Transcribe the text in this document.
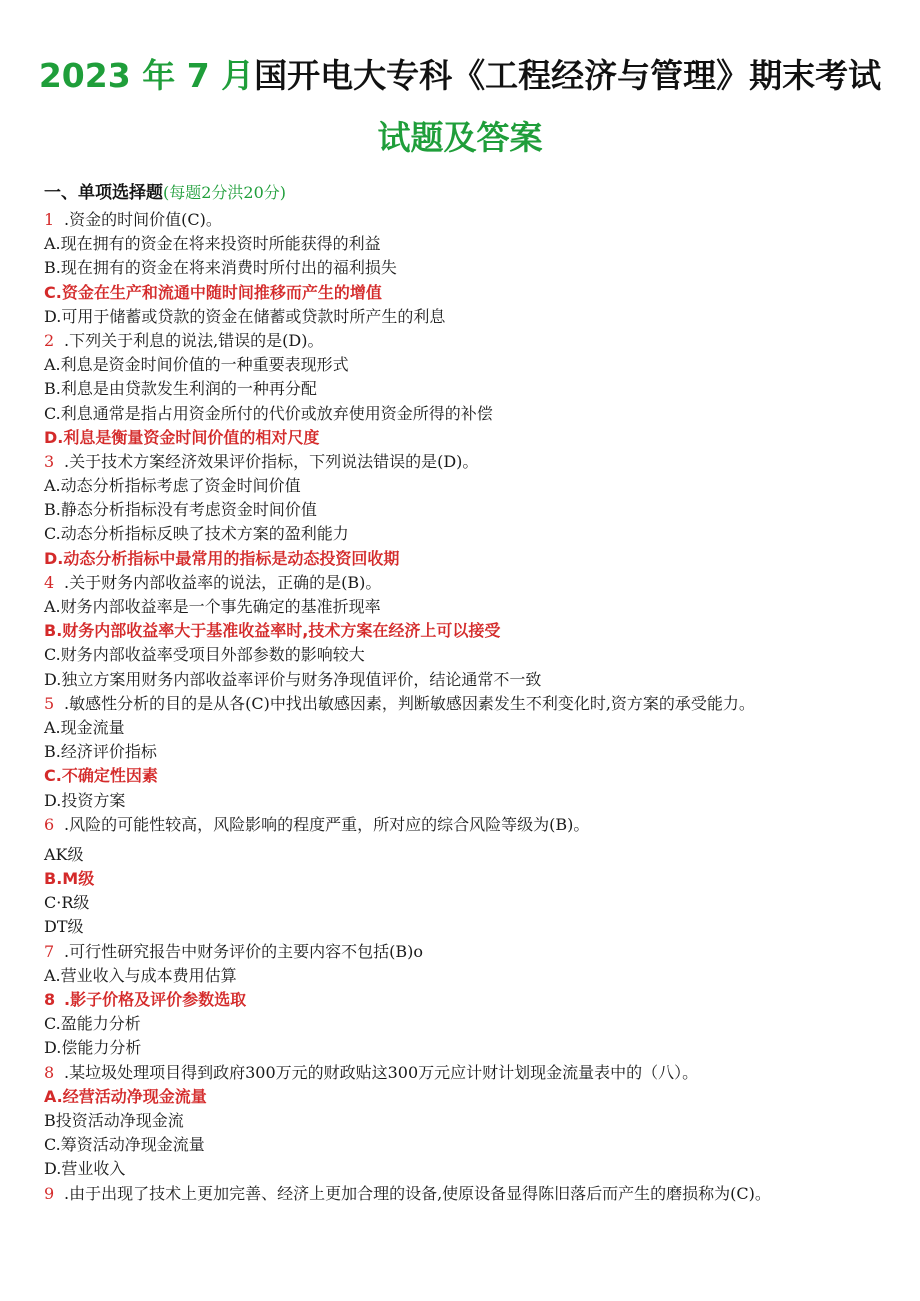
2023 年 7 月国开电大专科《工程经济与管理》期末考试
试题及答案
一、单项选择题(每题2分洪20分)
1 .资金的时间价值(C)。
A.现在拥有的资金在将来投资时所能获得的利益
B.现在拥有的资金在将来消费时所付出的福利损失
C.资金在生产和流通中随时间推移而产生的增值
D.可用于储蓄或贷款的资金在储蓄或贷款时所产生的利息
2 .下列关于利息的说法,错误的是(D)。
A.利息是资金时间价值的一种重要表现形式
B.利息是由贷款发生利润的一种再分配
C.利息通常是指占用资金所付的代价或放弃使用资金所得的补偿
D.利息是衡量资金时间价值的相对尺度
3 .关于技术方案经济效果评价指标，下列说法错误的是(D)。
A.动态分析指标考虑了资金时间价值
B.静态分析指标没有考虑资金时间价值
C.动态分析指标反映了技术方案的盈利能力
D.动态分析指标中最常用的指标是动态投资回收期
4 .关于财务内部收益率的说法，正确的是(B)。
A.财务内部收益率是一个事先确定的基准折现率
B.财务内部收益率大于基准收益率时,技术方案在经济上可以接受
C.财务内部收益率受项目外部参数的影响较大
D.独立方案用财务内部收益率评价与财务净现值评价，结论通常不一致
5 .敏感性分析的目的是从各(C)中找出敏感因素，判断敏感因素发生不利变化时,资方案的承受能力。
A.现金流量
B.经济评价指标
C.不确定性因素
D.投资方案
6 .风险的可能性较高，风险影响的程度严重，所对应的综合风险等级为(B)。
AK级
B.M级
C·R级
DT级
7 .可行性研究报告中财务评价的主要内容不包括(B)o
A.营业收入与成本费用估算
8 .影子价格及评价参数选取
C.盈能力分析
D.偿能力分析
8 .某垃圾处理项目得到政府300万元的财政贴这300万元应计财计划现金流量表中的（八）。
A.经营活动净现金流量
B投资活动净现金流
C.筹资活动净现金流量
D.营业收入
9 .由于出现了技术上更加完善、经济上更加合理的设备,使原设备显得陈旧落后而产生的磨损称为(C)。
